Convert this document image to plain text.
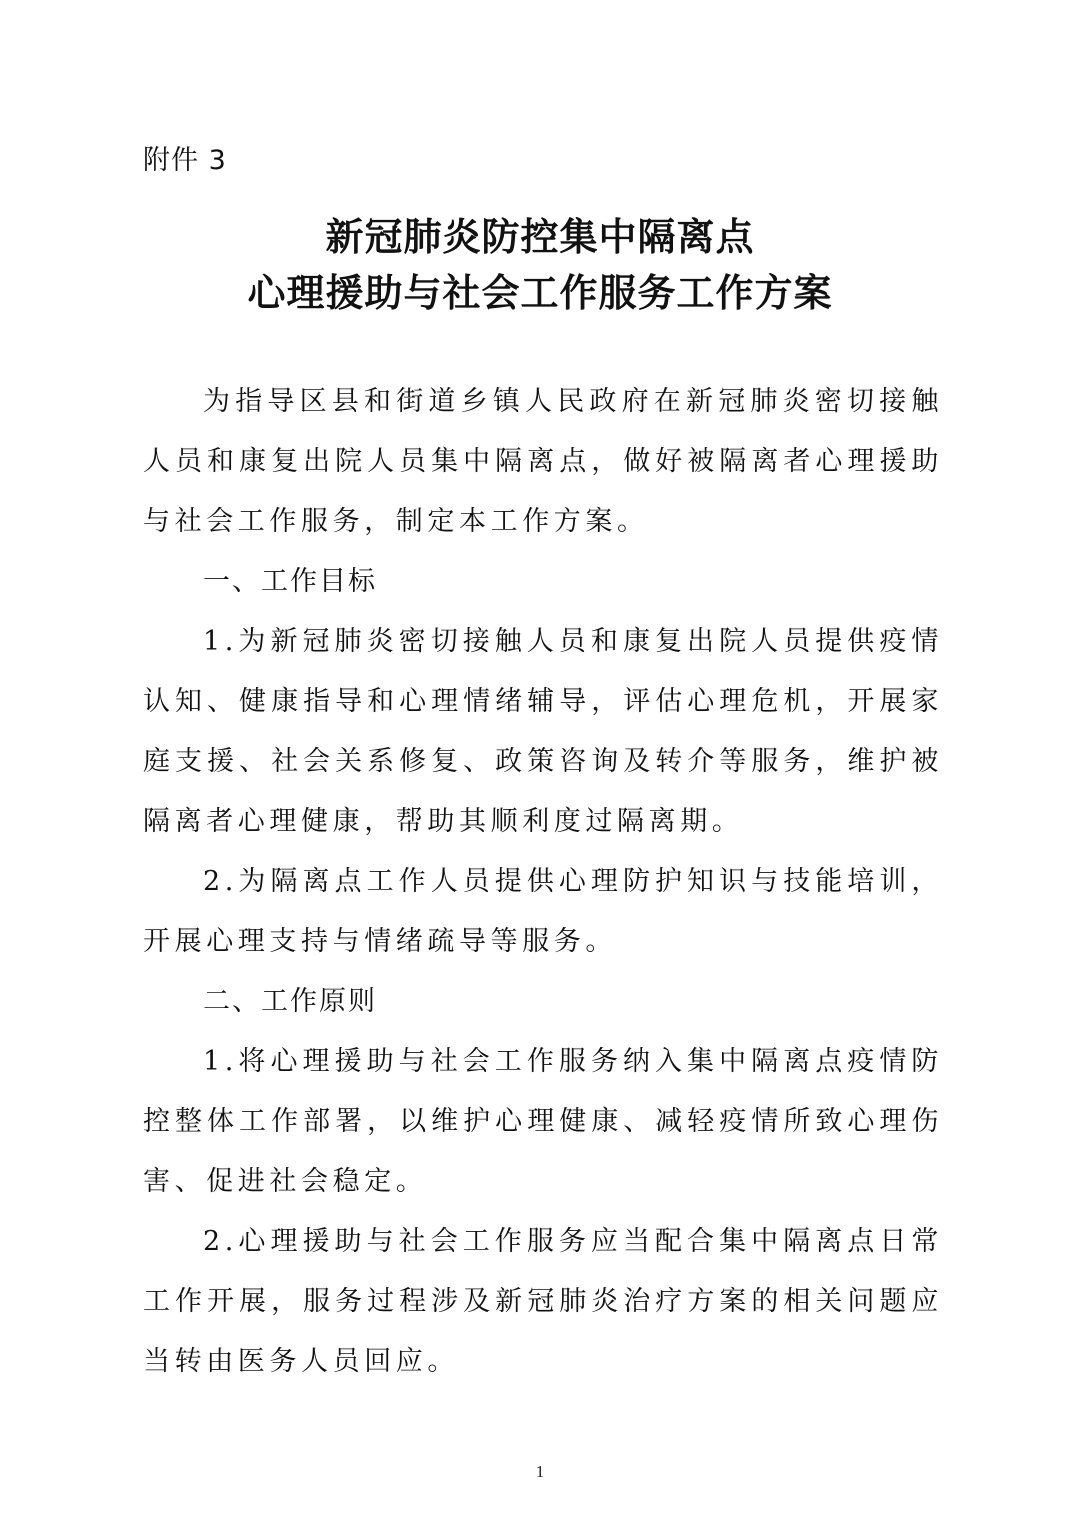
附件 3
新冠肺炎防控集中隔离点
心理援助与社会工作服务工作方案

为指导区县和街道乡镇人民政府在新冠肺炎密切接触人员和康复出院人员集中隔离点，做好被隔离者心理援助与社会工作服务，制定本工作方案。

一、工作目标

1.为新冠肺炎密切接触人员和康复出院人员提供疫情认知、健康指导和心理情绪辅导，评估心理危机，开展家庭支援、社会关系修复、政策咨询及转介等服务，维护被隔离者心理健康，帮助其顺利度过隔离期。

2.为隔离点工作人员提供心理防护知识与技能培训，开展心理支持与情绪疏导等服务。

二、工作原则

1.将心理援助与社会工作服务纳入集中隔离点疫情防控整体工作部署，以维护心理健康、减轻疫情所致心理伤害、促进社会稳定。

2.心理援助与社会工作服务应当配合集中隔离点日常工作开展，服务过程涉及新冠肺炎治疗方案的相关问题应当转由医务人员回应。

1
